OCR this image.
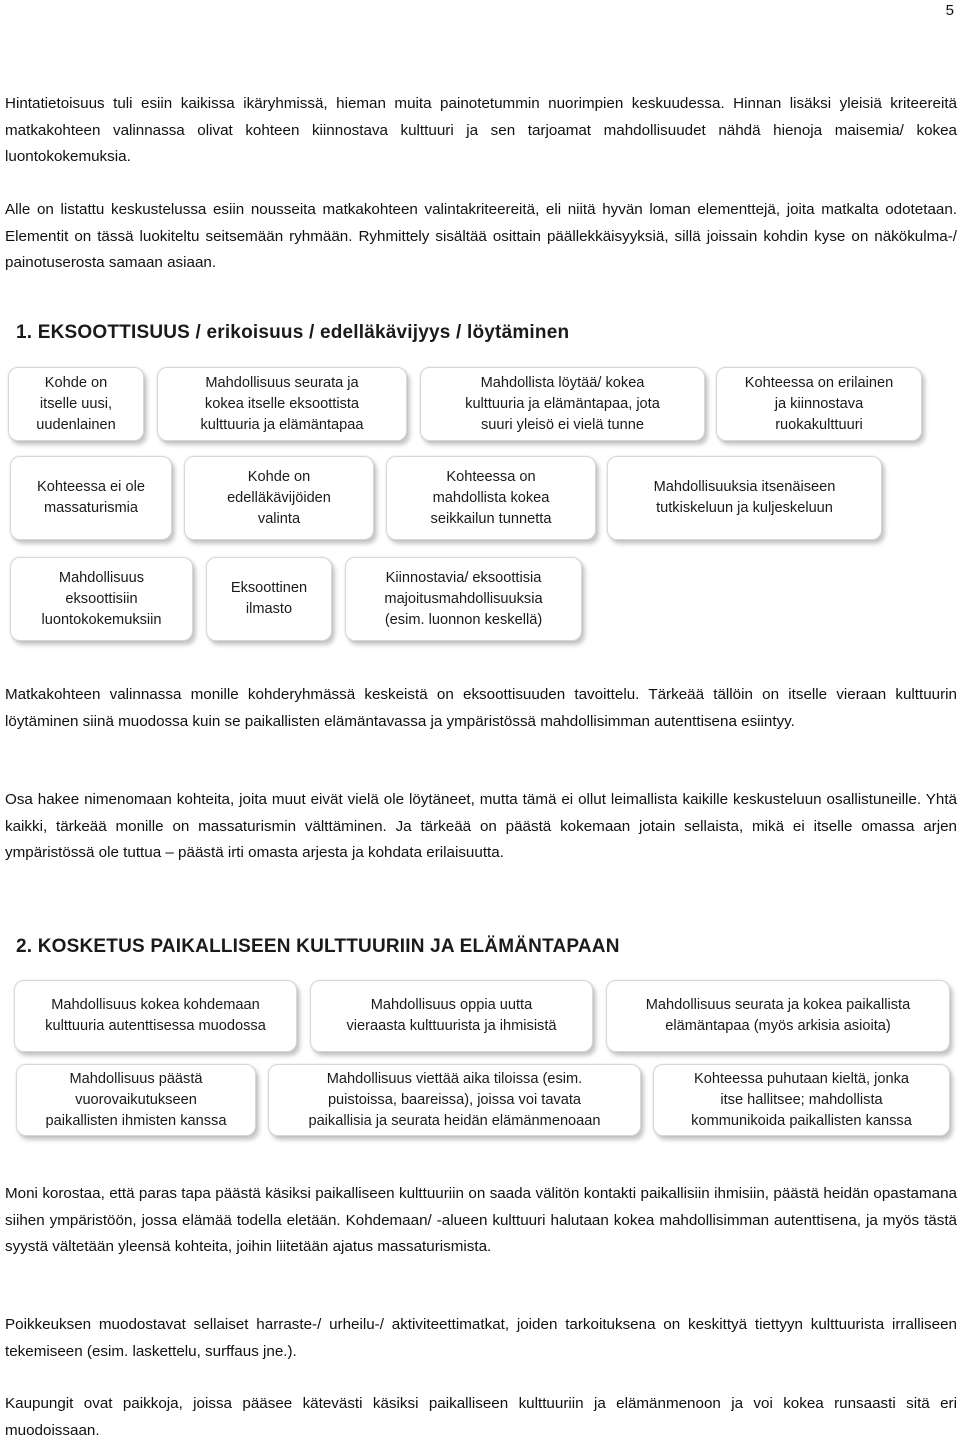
5

Hintatietoisuus tuli esiin kaikissa ikäryhmissä, hieman muita painotetummin nuorimpien keskuudessa. Hinnan lisäksi yleisiä kriteereitä matkakohteen valinnassa olivat kohteen kiinnostava kulttuuri ja sen tarjoamat mahdollisuudet nähdä hienoja maisemia/ kokea luontokokemuksia.

Alle on listattu keskustelussa esiin nousseita matkakohteen valintakriteereitä, eli niitä hyvän loman elementtejä, joita matkalta odotetaan. Elementit on tässä luokiteltu seitsemään ryhmään. Ryhmittely sisältää osittain päällekkäisyyksiä, sillä joissain kohdin kyse on näkökulma-/ painotuserosta samaan asiaan.

1. EKSOOTTISUUS / erikoisuus / edelläkävijyys / löytäminen
Kohde on
itselle uusi,
uudenlainen
Mahdollisuus seurata ja
kokea itselle eksoottista
kulttuuria ja elämäntapaa
Mahdollista löytää/ kokea
kulttuuria ja elämäntapaa, jota
suuri yleisö ei vielä tunne
Kohteessa on erilainen
ja kiinnostava
ruokakulttuuri
Kohteessa ei ole
massaturismia
Kohde on
edelläkävijöiden
valinta
Kohteessa on
mahdollista kokea
seikkailun tunnetta
Mahdollisuuksia itsenäiseen
tutkiskeluun ja kuljeskeluun
Mahdollisuus
eksoottisiin
luontokokemuksiin
Eksoottinen
ilmasto
Kiinnostavia/ eksoottisia
majoitusmahdollisuuksia
(esim. luonnon keskellä)

Matkakohteen valinnassa monille kohderyhmässä keskeistä on eksoottisuuden tavoittelu. Tärkeää tällöin on itselle vieraan kulttuurin löytäminen siinä muodossa kuin se paikallisten elämäntavassa ja ympäristössä mahdollisimman autenttisena esiintyy.

Osa hakee nimenomaan kohteita, joita muut eivät vielä ole löytäneet, mutta tämä ei ollut leimallista kaikille keskusteluun osallistuneille. Yhtä kaikki, tärkeää monille on massaturismin välttäminen. Ja tärkeää on päästä kokemaan jotain sellaista, mikä ei itselle omassa arjen ympäristössä ole tuttua – päästä irti omasta arjesta ja kohdata erilaisuutta.

2. KOSKETUS PAIKALLISEEN KULTTUURIIN JA ELÄMÄNTAPAAN
Mahdollisuus kokea kohdemaan
kulttuuria autenttisessa muodossa
Mahdollisuus oppia uutta
vieraasta kulttuurista ja ihmisistä
Mahdollisuus seurata ja kokea paikallista
elämäntapaa (myös arkisia asioita)
Mahdollisuus päästä
vuorovaikutukseen
paikallisten ihmisten kanssa
Mahdollisuus viettää aika tiloissa (esim.
puistoissa, baareissa), joissa voi tavata
paikallisia ja seurata heidän elämänmenoaan
Kohteessa puhutaan kieltä, jonka
itse hallitsee; mahdollista
kommunikoida paikallisten kanssa

Moni korostaa, että paras tapa päästä käsiksi paikalliseen kulttuuriin on saada välitön kontakti paikallisiin ihmisiin, päästä heidän opastamana siihen ympäristöön, jossa elämää todella eletään. Kohdemaan/ -alueen kulttuuri halutaan kokea mahdollisimman autenttisena, ja myös tästä syystä vältetään yleensä kohteita, joihin liitetään ajatus massaturismista.

Poikkeuksen muodostavat sellaiset harraste-/ urheilu-/ aktiviteettimatkat, joiden tarkoituksena on keskittyä tiettyyn kulttuurista irralliseen tekemiseen (esim. laskettelu, surffaus jne.).

Kaupungit ovat paikkoja, joissa pääsee kätevästi käsiksi paikalliseen kulttuuriin ja elämänmenoon ja voi kokea runsaasti sitä eri muodoissaan.
